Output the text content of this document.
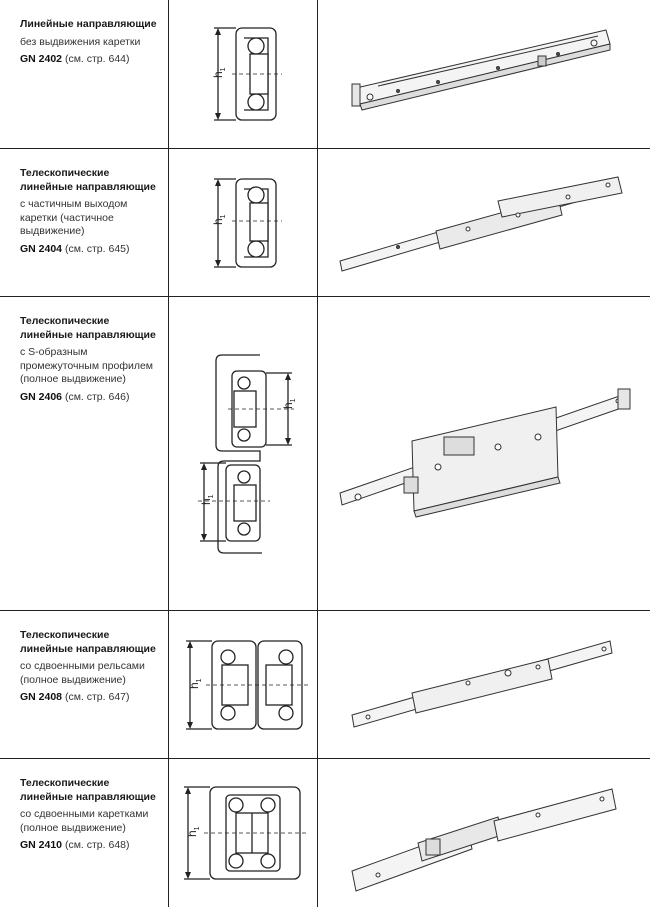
Линейные направляющие
без выдвижения каретки
GN 2402 (см. стр. 644)
$h_1$
Телескопические линейные направляющие
с частичным выходом каретки (частичное выдвижение)
GN 2404 (см. стр. 645)
$h_1$
Телескопические линейные направляющие
с S-образным промежуточным профилем (полное выдвижение)
GN 2406 (см. стр. 646)
$h_1$
$h_1$
Телескопические линейные направляющие
со сдвоенными рельсами (полное выдвижение)
GN 2408 (см. стр. 647)
$h_1$
Телескопические линейные направляющие
со сдвоенными каретками (полное выдвижение)
GN 2410 (см. стр. 648)
$h_1$
